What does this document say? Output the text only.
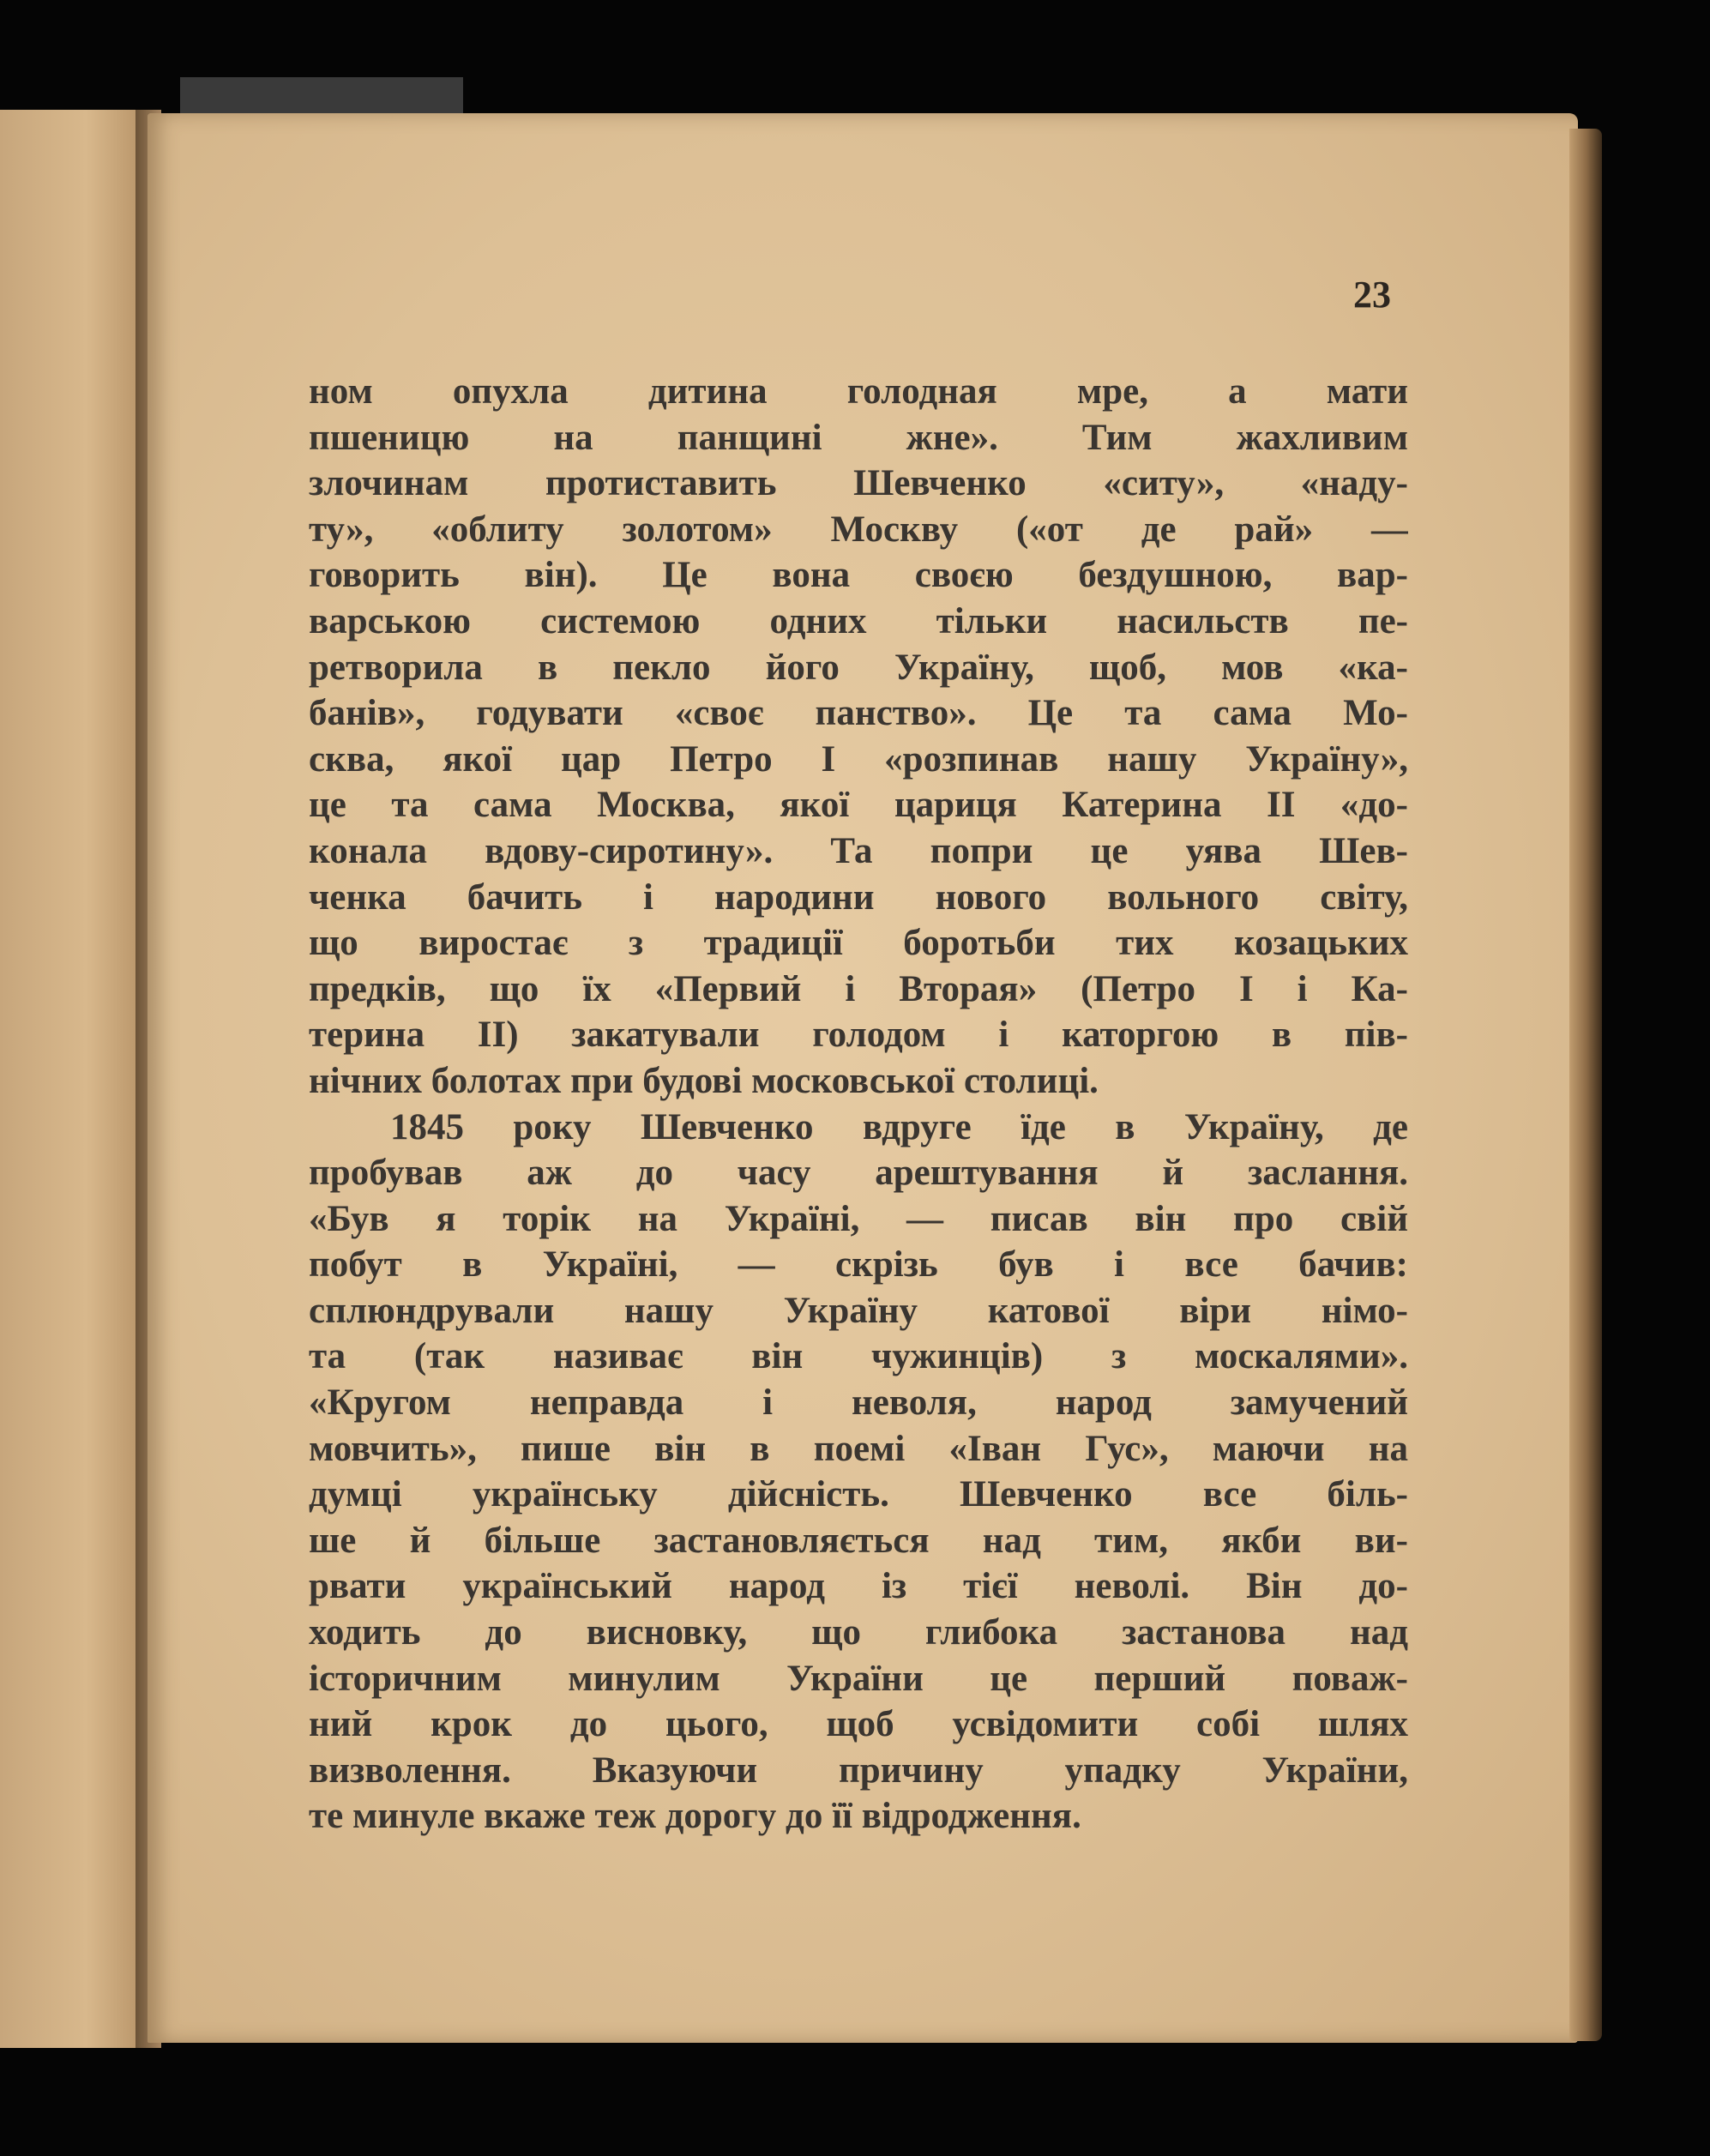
23
ном опухла дитина голодная мре, а мати
пшеницю на панщині жне». Тим жахливим
злочинам протиставить Шевченко «ситу», «наду-
ту», «облиту золотом» Москву («от де рай» —
говорить він). Це вона своєю бездушною, вар-
варською системою одних тільки насильств пе-
ретворила в пекло його Україну, щоб, мов «ка-
банів», годувати «своє панство». Це та сама Мо-
сква, якої цар Петро І «розпинав нашу Україну»,
це та сама Москва, якої цариця Катерина ІІ «до-
конала вдову-сиротину». Та попри це уява Шев-
ченка бачить і народини нового вольного світу,
що виростає з традиції боротьби тих козацьких
предків, що їх «Первий і Вторая» (Петро І і Ка-
терина ІІ) закатували голодом і каторгою в пів-
нічних болотах при будові московської столиці.
1845 року Шевченко вдруге їде в Україну, де
пробував аж до часу арештування й заслання.
«Був я торік на Україні, — писав він про свій
побут в Україні, — скрізь був і все бачив:
сплюндрували нашу Україну катової віри німо-
та (так називає він чужинців) з москалями».
«Кругом неправда і неволя, народ замучений
мовчить», пише він в поемі «Іван Гус», маючи на
думці українську дійсність. Шевченко все біль-
ше й більше застановляється над тим, якби ви-
рвати український народ із тієї неволі. Він до-
ходить до висновку, що глибока застанова над
історичним минулим України це перший поваж-
ний крок до цього, щоб усвідомити собі шлях
визволення. Вказуючи причину упадку України,
те минуле вкаже теж дорогу до її відродження.
